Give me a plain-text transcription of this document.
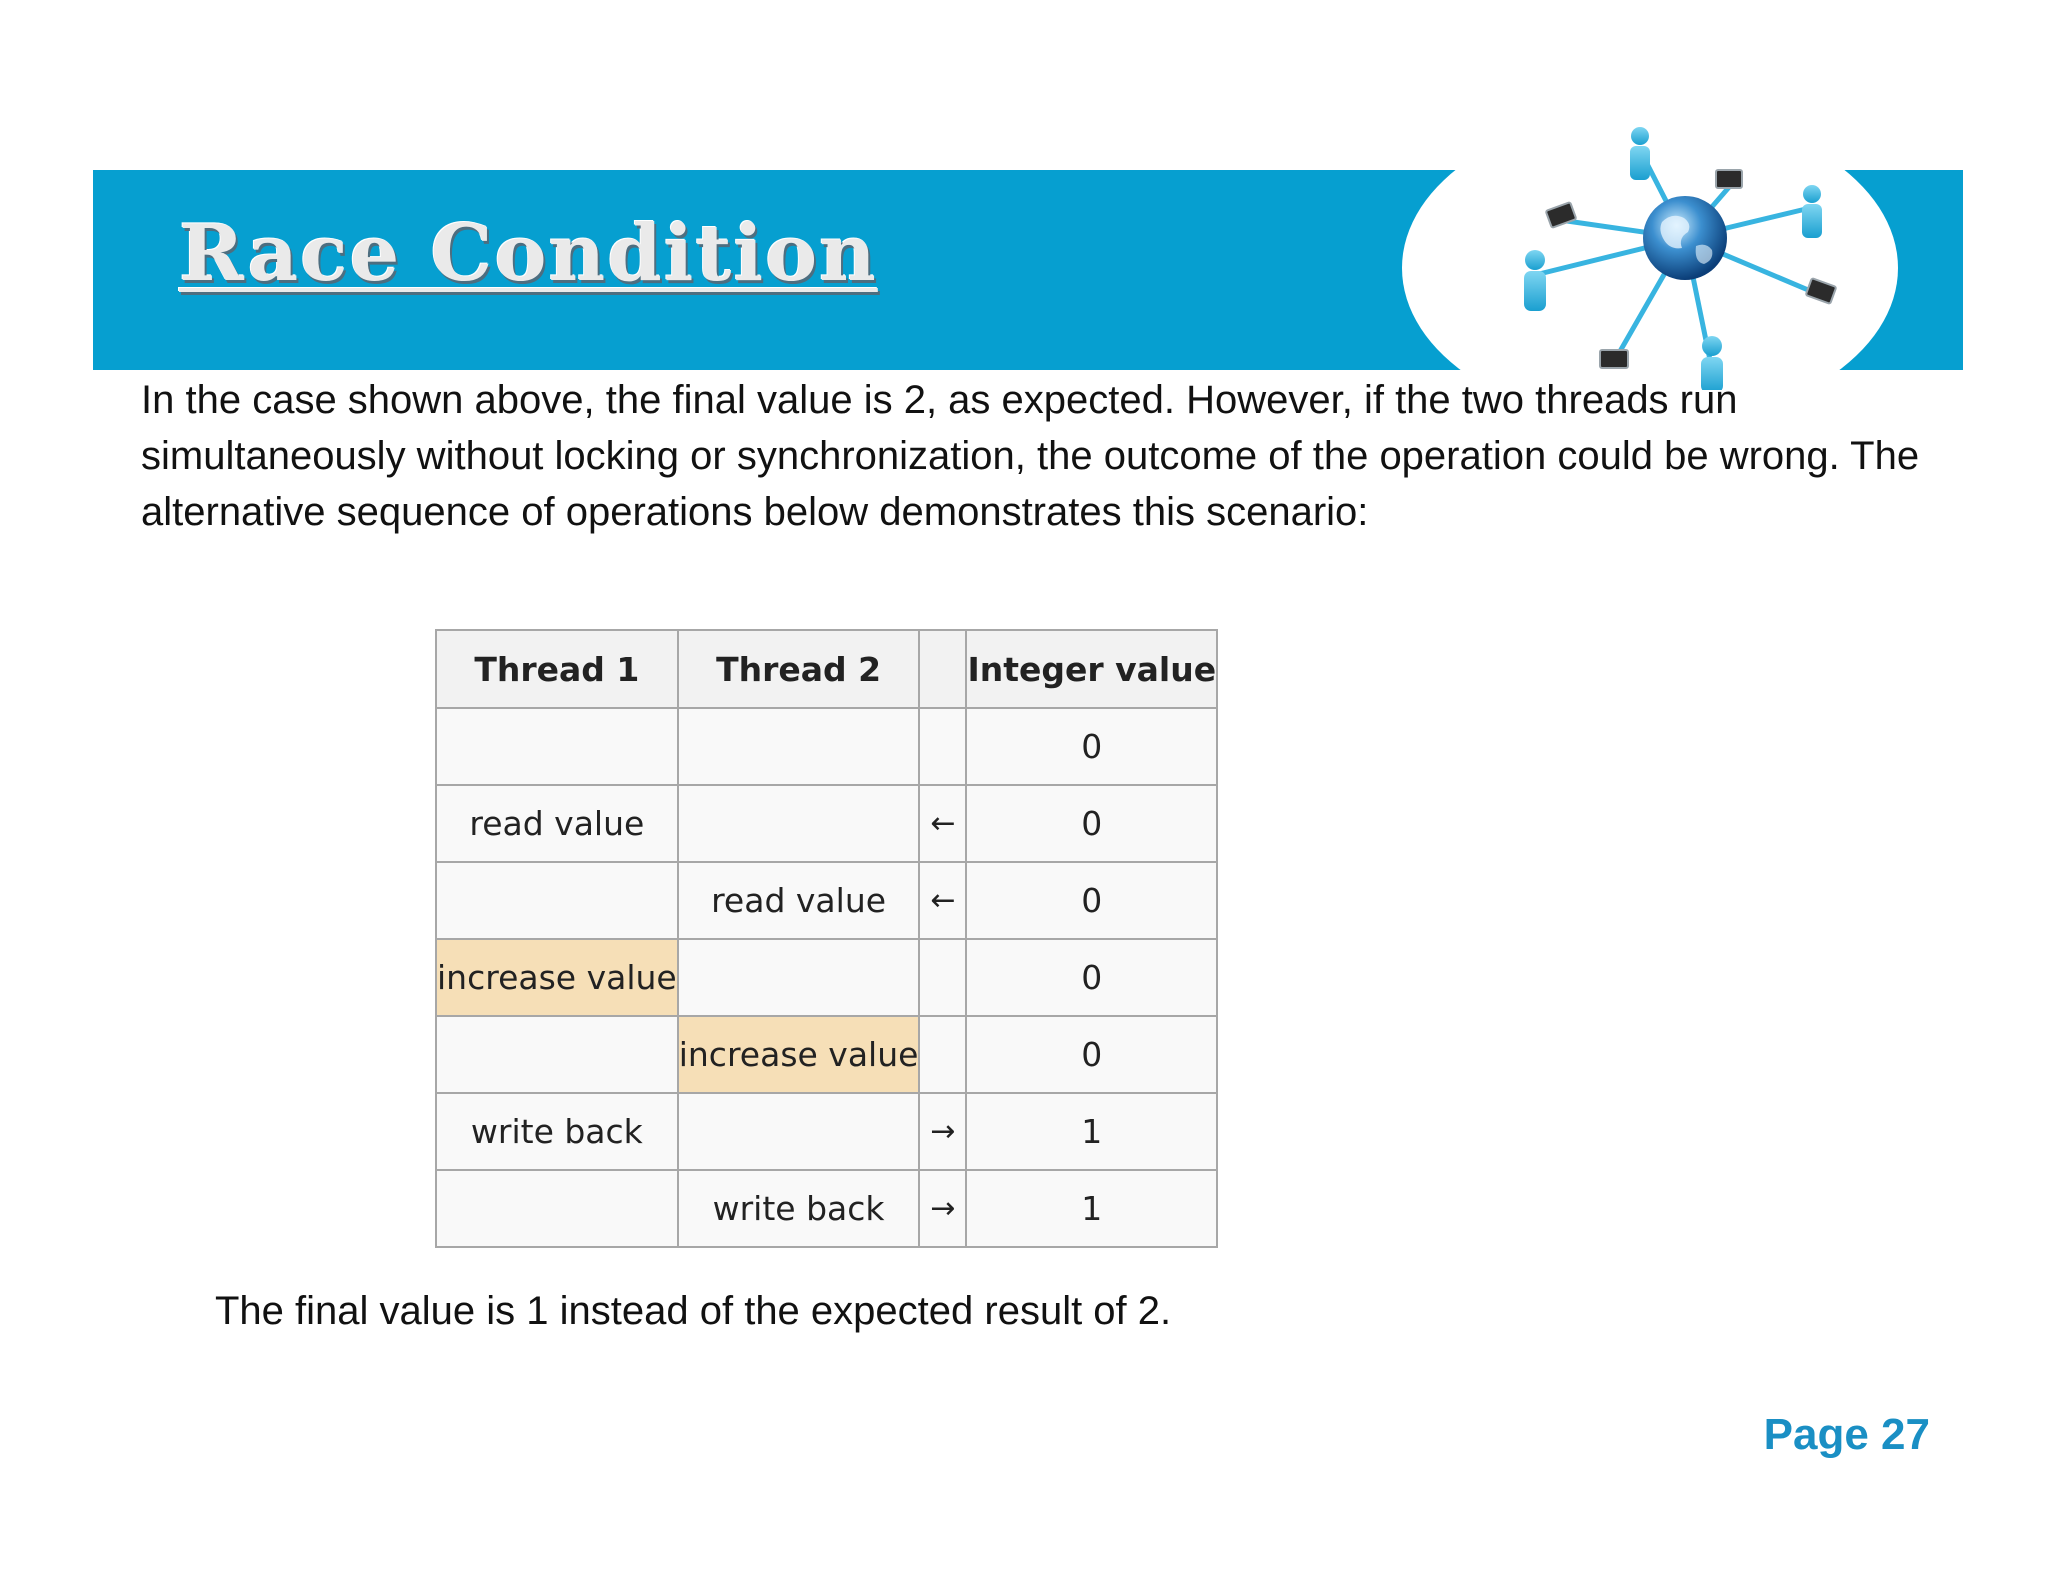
Race Condition

In the case shown above, the final value is 2, as expected. However, if the two threads run simultaneously without locking or synchronization, the outcome of the operation could be wrong. The alternative sequence of operations below demonstrates this scenario:

Thread 1	Thread 2		Integer value
			0
read value		←	0
	read value	←	0
increase value			0
	increase value		0
write back		→	1
	write back	→	1

The final value is 1 instead of the expected result of 2.

Page 27
